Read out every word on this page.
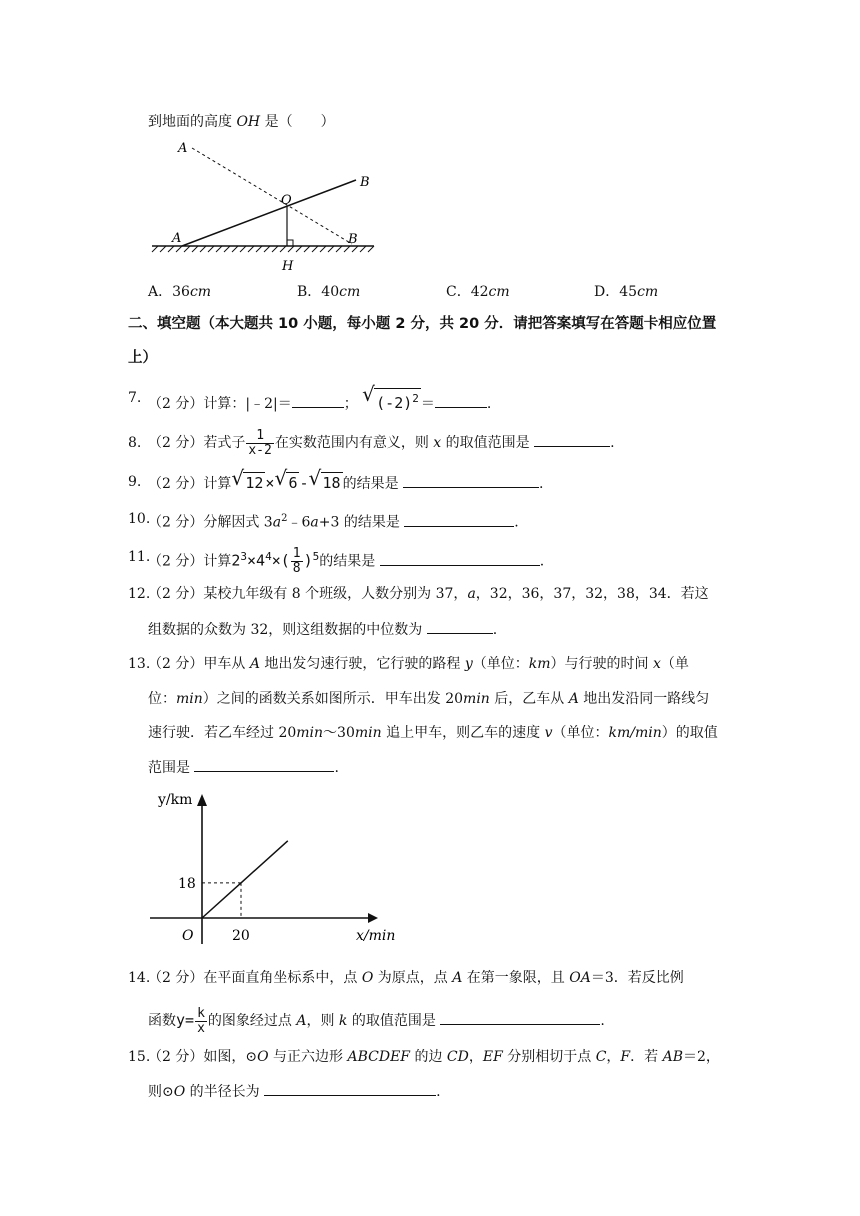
到地面的高度 OH 是（　　）
A
B
O
A	B
H
A．36cm	B．40cm	C．42cm	D．45cm
二、填空题（本大题共 10 小题，每小题 2 分，共 20 分．请把答案填写在答题卡相应位置
上）
7. （2 分）计算：|﹣2|＝	； √ $(-2)^2$ ＝	.
8. （2 分）若式子 $\frac{1}{x-2}$ 在实数范围内有意义，则 x 的取值范围是	.
9. （2 分）计算 √ 12 × √ 6 - √ 18 的结果是	.
10.
（2 分）分解因式 $3a^2﹣6a+3$ 的结果是	.
11.
（2 分）计算$2^3\times 4^4\times( \frac{1}{8} )^5$的结果是	.
12.
（2 分）某校九年级有 8 个班级，人数分别为 37，a，32，36，37，32，38，34．若这
组数据的众数为 32，则这组数据的中位数为	.
13.
（2 分）甲车从 A 地出发匀速行驶，它行驶的路程 y（单位：km）与行驶的时间 x（单
位：min）之间的函数关系如图所示．甲车出发 20min 后，乙车从 A 地出发沿同一路线匀
速行驶．若乙车经过 20min～30min 追上甲车，则乙车的速度 v（单位：km/min）的取值
范围是	.
y/km
x/min
O
18
20
14.
（2 分）在平面直角坐标系中，点 O 为原点，点 A 在第一象限，且 OA＝3．若反比例
函数$y= \frac{k}{x}$ 的图象经过点 A，则 k 的取值范围是	.
15.
（2 分）如图，⊙O 与正六边形 ABCDEF 的边 CD，EF 分别相切于点 C，F．若 AB＝2，
则⊙O 的半径长为	.
